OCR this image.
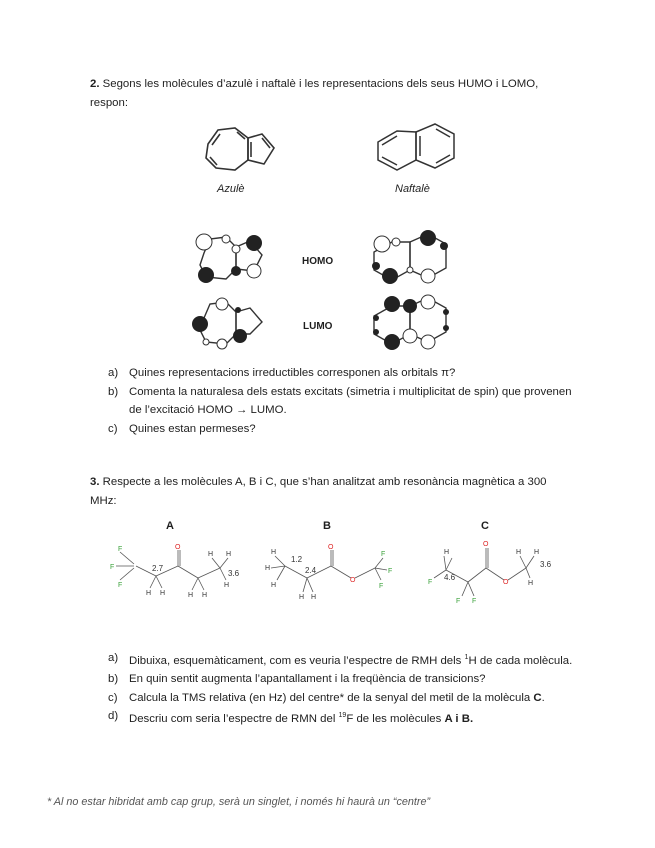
2. Segons les molècules d’azulè i naftalè i les representacions dels seus HUMO i LOMO, respon:
Azulè	Naftalè
HOMO
LUMO
a) Quines representacions irreductibles corresponen als orbitals π?
b) Comenta la naturalesa dels estats excitats (simetria i multiplicitat de spin) que provenen de l’excitació HOMO → LUMO.
c) Quines estan permeses?
3. Respecte a les molècules A, B i C, que s’han analitzat amb resonància magnètica a 300 MHz:
A	B	C
F
F
F
O
2.7
3.6
H H	H H
H H
H
H
H
H
H H
O
O
1.2
2.4
F
F
F
F
F F
H
O
O
4.6
3.6
H H
H
a) Dibuixa, esquemàticament, com es veuria l’espectre de RMH dels $^1$H de cada molècula.
b) En quin sentit augmenta l’apantallament i la freqüència de transicions?
c) Calcula la TMS relativa (en Hz) del centre* de la senyal del metil de la molècula C.
d) Descriu com seria l’espectre de RMN del $^{19}$F de les molècules A i B.
* Al no estar hibridat amb cap grup, serà un singlet, i només hi haurà un “centre”
